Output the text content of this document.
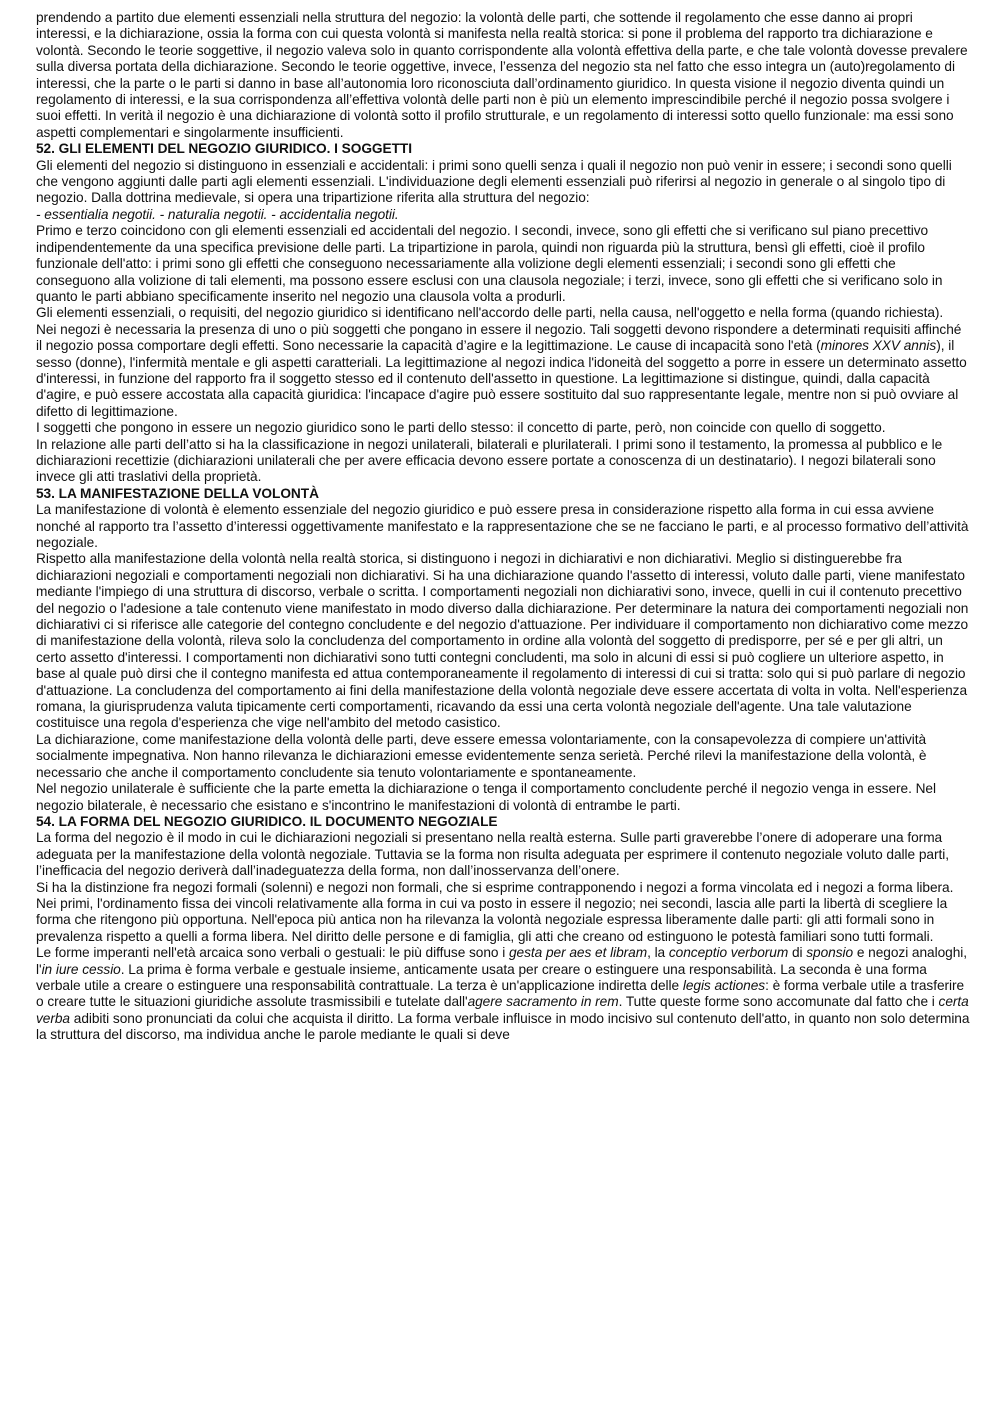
prendendo a partito due elementi essenziali nella struttura del negozio: la volontà delle parti, che sottende il regolamento che esse danno ai propri interessi, e la dichiarazione, ossia la forma con cui questa volontà si manifesta nella realtà storica: si pone il problema del rapporto tra dichiarazione e volontà. Secondo le teorie soggettive, il negozio valeva solo in quanto corrispondente alla volontà effettiva della parte, e che tale volontà dovesse prevalere sulla diversa portata della dichiarazione. Secondo le teorie oggettive, invece, l’essenza del negozio sta nel fatto che esso integra un (auto)regolamento di interessi, che la parte o le parti si danno in base all’autonomia loro riconosciuta dall’ordinamento giuridico. In questa visione il negozio diventa quindi un regolamento di interessi, e la sua corrispondenza all’effettiva volontà delle parti non è più un elemento imprescindibile perché il negozio possa svolgere i suoi effetti. In verità il negozio è una dichiarazione di volontà sotto il profilo strutturale, e un regolamento di interessi sotto quello funzionale: ma essi sono aspetti complementari e singolarmente insufficienti.

52. GLI ELEMENTI DEL NEGOZIO GIURIDICO. I SOGGETTI

Gli elementi del negozio si distinguono in essenziali e accidentali: i primi sono quelli senza i quali il negozio non può venir in essere; i secondi sono quelli che vengono aggiunti dalle parti agli elementi essenziali. L'individuazione degli elementi essenziali può riferirsi al negozio in generale o al singolo tipo di negozio. Dalla dottrina medievale, si opera una tripartizione riferita alla struttura del negozio:

- essentialia negotii. - naturalia negotii. - accidentalia negotii.

Primo e terzo coincidono con gli elementi essenziali ed accidentali del negozio. I secondi, invece, sono gli effetti che si verificano sul piano precettivo indipendentemente da una specifica previsione delle parti. La tripartizione in parola, quindi non riguarda più la struttura, bensì gli effetti, cioè il profilo funzionale dell'atto: i primi sono gli effetti che conseguono necessariamente alla volizione degli elementi essenziali; i secondi sono gli effetti che conseguono alla volizione di tali elementi, ma possono essere esclusi con una clausola negoziale; i terzi, invece, sono gli effetti che si verificano solo in quanto le parti abbiano specificamente inserito nel negozio una clausola volta a produrli.

Gli elementi essenziali, o requisiti, del negozio giuridico si identificano nell'accordo delle parti, nella causa, nell'oggetto e nella forma (quando richiesta).

Nei negozi è necessaria la presenza di uno o più soggetti che pongano in essere il negozio. Tali soggetti devono rispondere a determinati requisiti affinché il negozio possa comportare degli effetti. Sono necessarie la capacità d’agire e la legittimazione. Le cause di incapacità sono l'età (minores XXV annis), il sesso (donne), l'infermità mentale e gli aspetti caratteriali. La legittimazione al negozi indica l'idoneità del soggetto a porre in essere un determinato assetto d'interessi, in funzione del rapporto fra il soggetto stesso ed il contenuto dell'assetto in questione. La legittimazione si distingue, quindi, dalla capacità d'agire, e può essere accostata alla capacità giuridica: l'incapace d'agire può essere sostituito dal suo rappresentante legale, mentre non si può ovviare al difetto di legittimazione.

I soggetti che pongono in essere un negozio giuridico sono le parti dello stesso: il concetto di parte, però, non coincide con quello di soggetto.

In relazione alle parti dell’atto si ha la classificazione in negozi unilaterali, bilaterali e plurilaterali. I primi sono il testamento, la promessa al pubblico e le dichiarazioni recettizie (dichiarazioni unilaterali che per avere efficacia devono essere portate a conoscenza di un destinatario). I negozi bilaterali sono invece gli atti traslativi della proprietà.

53. LA MANIFESTAZIONE DELLA VOLONTÀ

La manifestazione di volontà è elemento essenziale del negozio giuridico e può essere presa in considerazione rispetto alla forma in cui essa avviene nonché al rapporto tra l’assetto d’interessi oggettivamente manifestato e la rappresentazione che se ne facciano le parti, e al processo formativo dell’attività negoziale.

Rispetto alla manifestazione della volontà nella realtà storica, si distinguono i negozi in dichiarativi e non dichiarativi. Meglio si distinguerebbe fra dichiarazioni negoziali e comportamenti negoziali non dichiarativi. Si ha una dichiarazione quando l'assetto di interessi, voluto dalle parti, viene manifestato mediante l'impiego di una struttura di discorso, verbale o scritta. I comportamenti negoziali non dichiarativi sono, invece, quelli in cui il contenuto precettivo del negozio o l'adesione a tale contenuto viene manifestato in modo diverso dalla dichiarazione. Per determinare la natura dei comportamenti negoziali non dichiarativi ci si riferisce alle categorie del contegno concludente e del negozio d'attuazione. Per individuare il comportamento non dichiarativo come mezzo di manifestazione della volontà, rileva solo la concludenza del comportamento in ordine alla volontà del soggetto di predisporre, per sé e per gli altri, un certo assetto d'interessi. I comportamenti non dichiarativi sono tutti contegni concludenti, ma solo in alcuni di essi si può cogliere un ulteriore aspetto, in base al quale può dirsi che il contegno manifesta ed attua contemporaneamente il regolamento di interessi di cui si tratta: solo qui si può parlare di negozio d'attuazione. La concludenza del comportamento ai fini della manifestazione della volontà negoziale deve essere accertata di volta in volta. Nell'esperienza romana, la giurisprudenza valuta tipicamente certi comportamenti, ricavando da essi una certa volontà negoziale dell'agente. Una tale valutazione costituisce una regola d'esperienza che vige nell'ambito del metodo casistico.

La dichiarazione, come manifestazione della volontà delle parti, deve essere emessa volontariamente, con la consapevolezza di compiere un'attività socialmente impegnativa. Non hanno rilevanza le dichiarazioni emesse evidentemente senza serietà. Perché rilevi la manifestazione della volontà, è necessario che anche il comportamento concludente sia tenuto volontariamente e spontaneamente.

Nel negozio unilaterale è sufficiente che la parte emetta la dichiarazione o tenga il comportamento concludente perché il negozio venga in essere. Nel negozio bilaterale, è necessario che esistano e s'incontrino le manifestazioni di volontà di entrambe le parti.

54. LA FORMA DEL NEGOZIO GIURIDICO. IL DOCUMENTO NEGOZIALE

La forma del negozio è il modo in cui le dichiarazioni negoziali si presentano nella realtà esterna. Sulle parti graverebbe l’onere di adoperare una forma adeguata per la manifestazione della volontà negoziale. Tuttavia se la forma non risulta adeguata per esprimere il contenuto negoziale voluto dalle parti, l’inefficacia del negozio deriverà dall’inadeguatezza della forma, non dall’inosservanza dell’onere.

Si ha la distinzione fra negozi formali (solenni) e negozi non formali, che si esprime contrapponendo i negozi a forma vincolata ed i negozi a forma libera. Nei primi, l'ordinamento fissa dei vincoli relativamente alla forma in cui va posto in essere il negozio; nei secondi, lascia alle parti la libertà di scegliere la forma che ritengono più opportuna. Nell'epoca più antica non ha rilevanza la volontà negoziale espressa liberamente dalle parti: gli atti formali sono in prevalenza rispetto a quelli a forma libera. Nel diritto delle persone e di famiglia, gli atti che creano od estinguono le potestà familiari sono tutti formali.

Le forme imperanti nell'età arcaica sono verbali o gestuali: le più diffuse sono i gesta per aes et libram, la conceptio verborum di sponsio e negozi analoghi, l'in iure cessio. La prima è forma verbale e gestuale insieme, anticamente usata per creare o estinguere una responsabilità. La seconda è una forma verbale utile a creare o estinguere una responsabilità contrattuale. La terza è un'applicazione indiretta delle legis actiones: è forma verbale utile a trasferire o creare tutte le situazioni giuridiche assolute trasmissibili e tutelate dall'agere sacramento in rem. Tutte queste forme sono accomunate dal fatto che i certa verba adibiti sono pronunciati da colui che acquista il diritto. La forma verbale influisce in modo incisivo sul contenuto dell'atto, in quanto non solo determina la struttura del discorso, ma individua anche le parole mediante le quali si deve
